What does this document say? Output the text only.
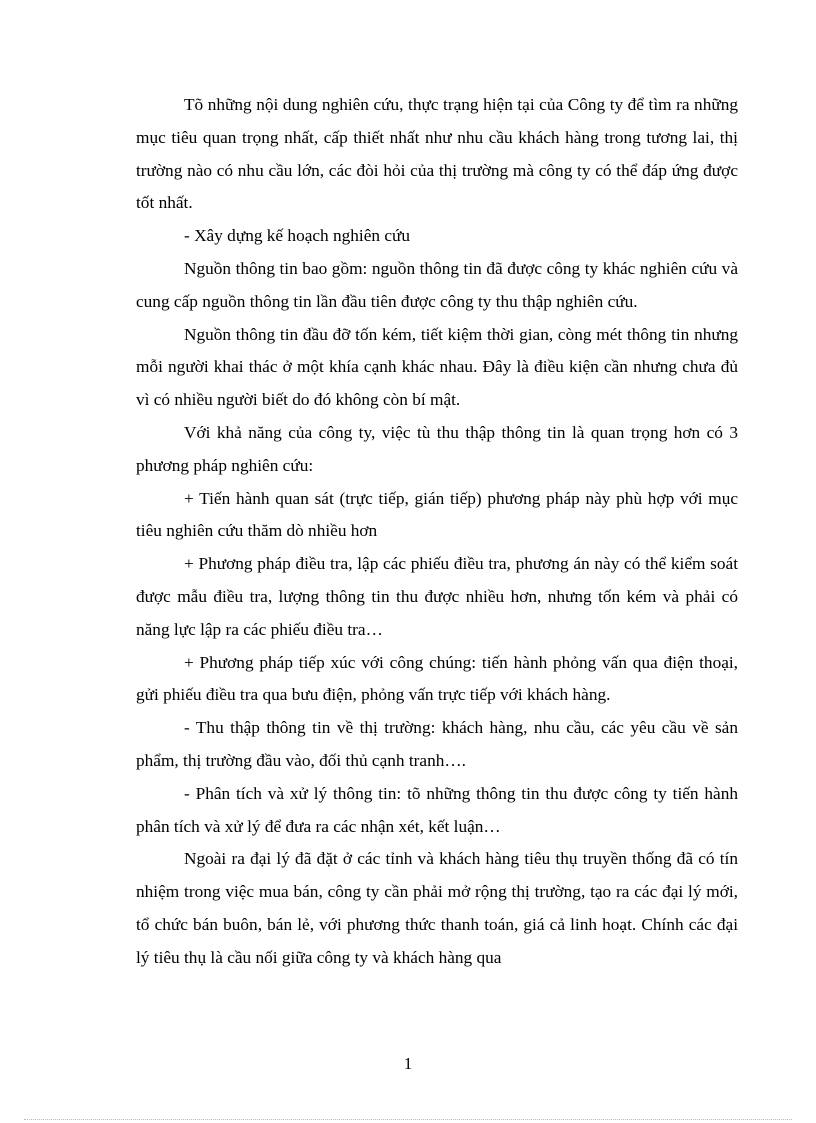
Tõ những nội dung nghiên cứu, thực trạng hiện tại của Công ty để tìm ra những mục tiêu quan trọng nhất, cấp thiết nhất như nhu cầu khách hàng trong tương lai, thị trường nào có nhu cầu lớn, các đòi hỏi của thị trường mà công ty có thể đáp ứng được tốt nhất.

- Xây dựng kế hoạch nghiên cứu

Nguồn thông tin bao gồm: nguồn thông tin đã được công ty khác nghiên cứu và cung cấp nguồn thông tin lần đầu tiên được công ty thu thập nghiên cứu.

Nguồn thông tin đầu đỡ tốn kém, tiết kiệm thời gian, còng mét thông tin nhưng mỗi người khai thác ở một khía cạnh khác nhau. Đây là điều kiện cần nhưng chưa đủ vì có nhiều người biết do đó không còn bí mật.

Với khả năng của công ty, việc tù thu thập thông tin là quan trọng hơn có 3 phương pháp nghiên cứu:

+ Tiến hành quan sát (trực tiếp, gián tiếp) phương pháp này phù hợp với mục tiêu nghiên cứu thăm dò nhiều hơn

+ Phương pháp điều tra, lập các phiếu điều tra, phương án này có thể kiểm soát được mẫu điều tra, lượng thông tin thu được nhiều hơn, nhưng tốn kém và phải có năng lực lập ra các phiếu điều tra…

+ Phương pháp tiếp xúc với công chúng: tiến hành phỏng vấn qua điện thoại, gửi phiếu điều tra qua bưu điện, phỏng vấn trực tiếp với khách hàng.

- Thu thập thông tin về thị trường: khách hàng, nhu cầu, các yêu cầu về sản phẩm, thị trường đầu vào, đối thủ cạnh tranh….

- Phân tích và xử lý thông tin: tõ những thông tin thu được công ty tiến hành phân tích và xử lý để đưa ra các nhận xét, kết luận…

Ngoài ra đại lý đã đặt ở các tỉnh và khách hàng tiêu thụ truyền thống đã có tín nhiệm trong việc mua bán, công ty cần phải mở rộng thị trường, tạo ra các đại lý mới, tổ chức bán buôn, bán lẻ, với phương thức thanh toán, giá cả linh hoạt. Chính các đại lý tiêu thụ là cầu nối giữa công ty và khách hàng qua

1
